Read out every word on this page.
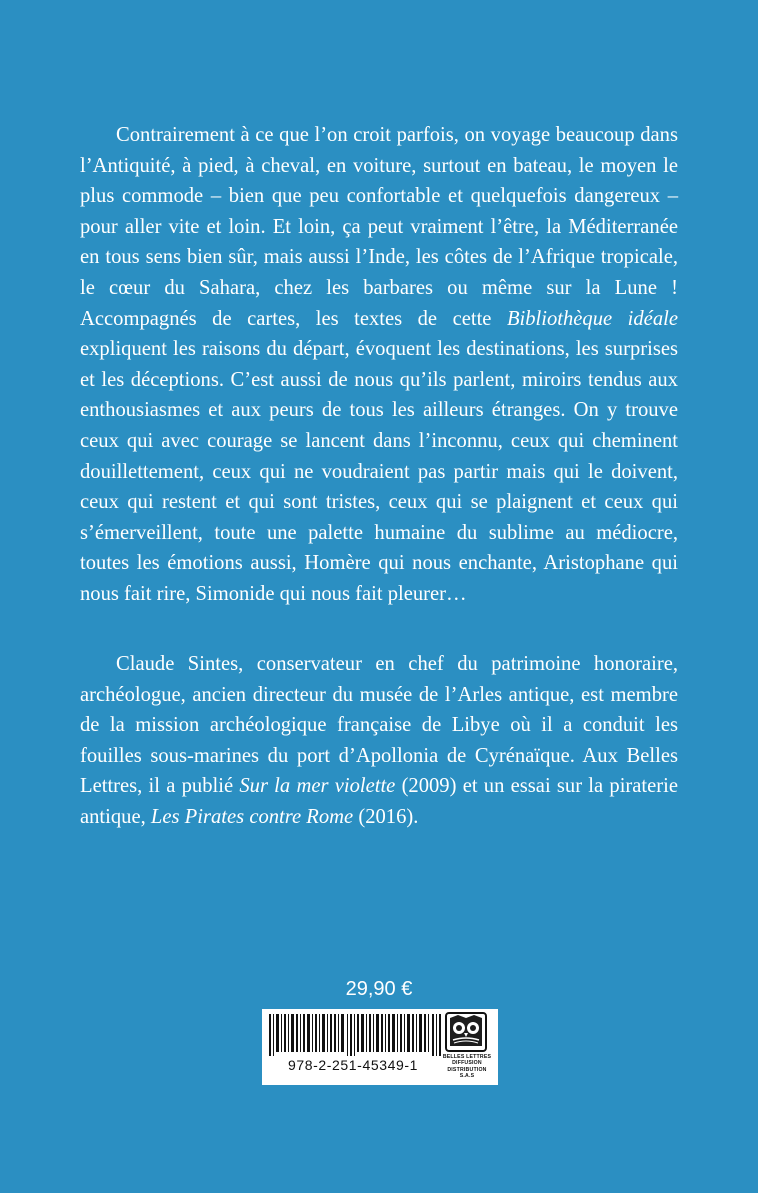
Contrairement à ce que l’on croit parfois, on voyage beaucoup dans l’Antiquité, à pied, à cheval, en voiture, surtout en bateau, le moyen le plus commode – bien que peu confortable et quelquefois dangereux – pour aller vite et loin. Et loin, ça peut vraiment l’être, la Méditerranée en tous sens bien sûr, mais aussi l’Inde, les côtes de l’Afrique tropicale, le cœur du Sahara, chez les barbares ou même sur la Lune ! Accompagnés de cartes, les textes de cette Bibliothèque idéale expliquent les raisons du départ, évoquent les destinations, les surprises et les déceptions. C’est aussi de nous qu’ils parlent, miroirs tendus aux enthousiasmes et aux peurs de tous les ailleurs étranges. On y trouve ceux qui avec courage se lancent dans l’inconnu, ceux qui cheminent douillettement, ceux qui ne voudraient pas partir mais qui le doivent, ceux qui restent et qui sont tristes, ceux qui se plaignent et ceux qui s’émerveillent, toute une palette humaine du sublime au médiocre, toutes les émotions aussi, Homère qui nous enchante, Aristophane qui nous fait rire, Simonide qui nous fait pleurer…

Claude Sintes, conservateur en chef du patrimoine honoraire, archéologue, ancien directeur du musée de l’Arles antique, est membre de la mission archéologique française de Libye où il a conduit les fouilles sous-marines du port d’Apollonia de Cyrénaïque. Aux Belles Lettres, il a publié Sur la mer violette (2009) et un essai sur la piraterie antique, Les Pirates contre Rome (2016).

29,90 €
978-2-251-45349-1	BELLES LETTRES
DIFFUSION
DISTRIBUTION
S.A.S
